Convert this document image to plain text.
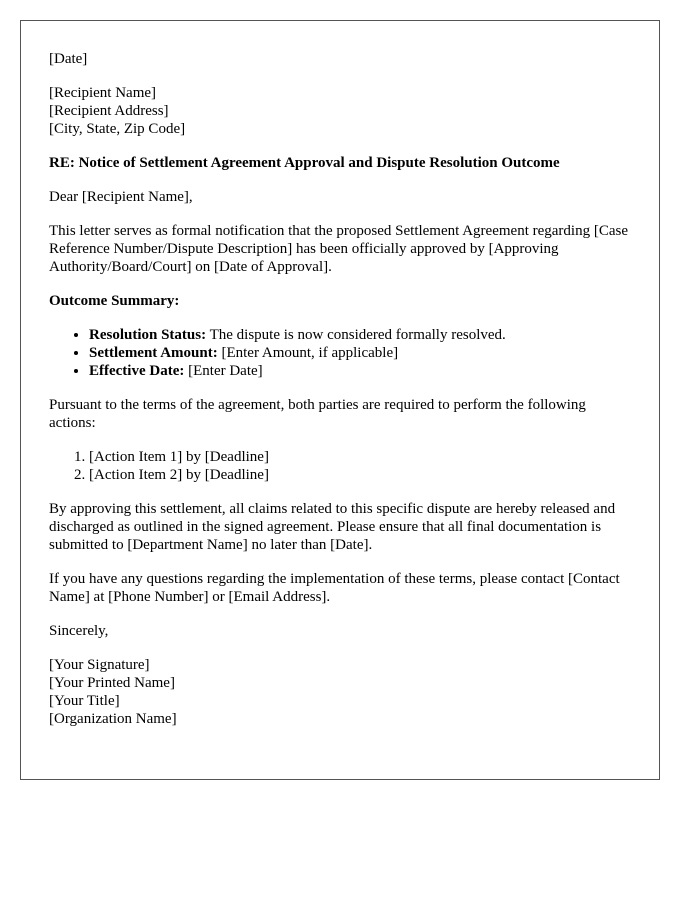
[Date]

[Recipient Name]
[Recipient Address]
[City, State, Zip Code]

RE: Notice of Settlement Agreement Approval and Dispute Resolution Outcome

Dear [Recipient Name],

This letter serves as formal notification that the proposed Settlement Agreement regarding [Case Reference Number/Dispute Description] has been officially approved by [Approving Authority/Board/Court] on [Date of Approval].

Outcome Summary:

• Resolution Status: The dispute is now considered formally resolved.
• Settlement Amount: [Enter Amount, if applicable]
• Effective Date: [Enter Date]

Pursuant to the terms of the agreement, both parties are required to perform the following actions:

1. [Action Item 1] by [Deadline]
2. [Action Item 2] by [Deadline]

By approving this settlement, all claims related to this specific dispute are hereby released and discharged as outlined in the signed agreement. Please ensure that all final documentation is submitted to [Department Name] no later than [Date].

If you have any questions regarding the implementation of these terms, please contact [Contact Name] at [Phone Number] or [Email Address].

Sincerely,

[Your Signature]
[Your Printed Name]
[Your Title]
[Organization Name]
